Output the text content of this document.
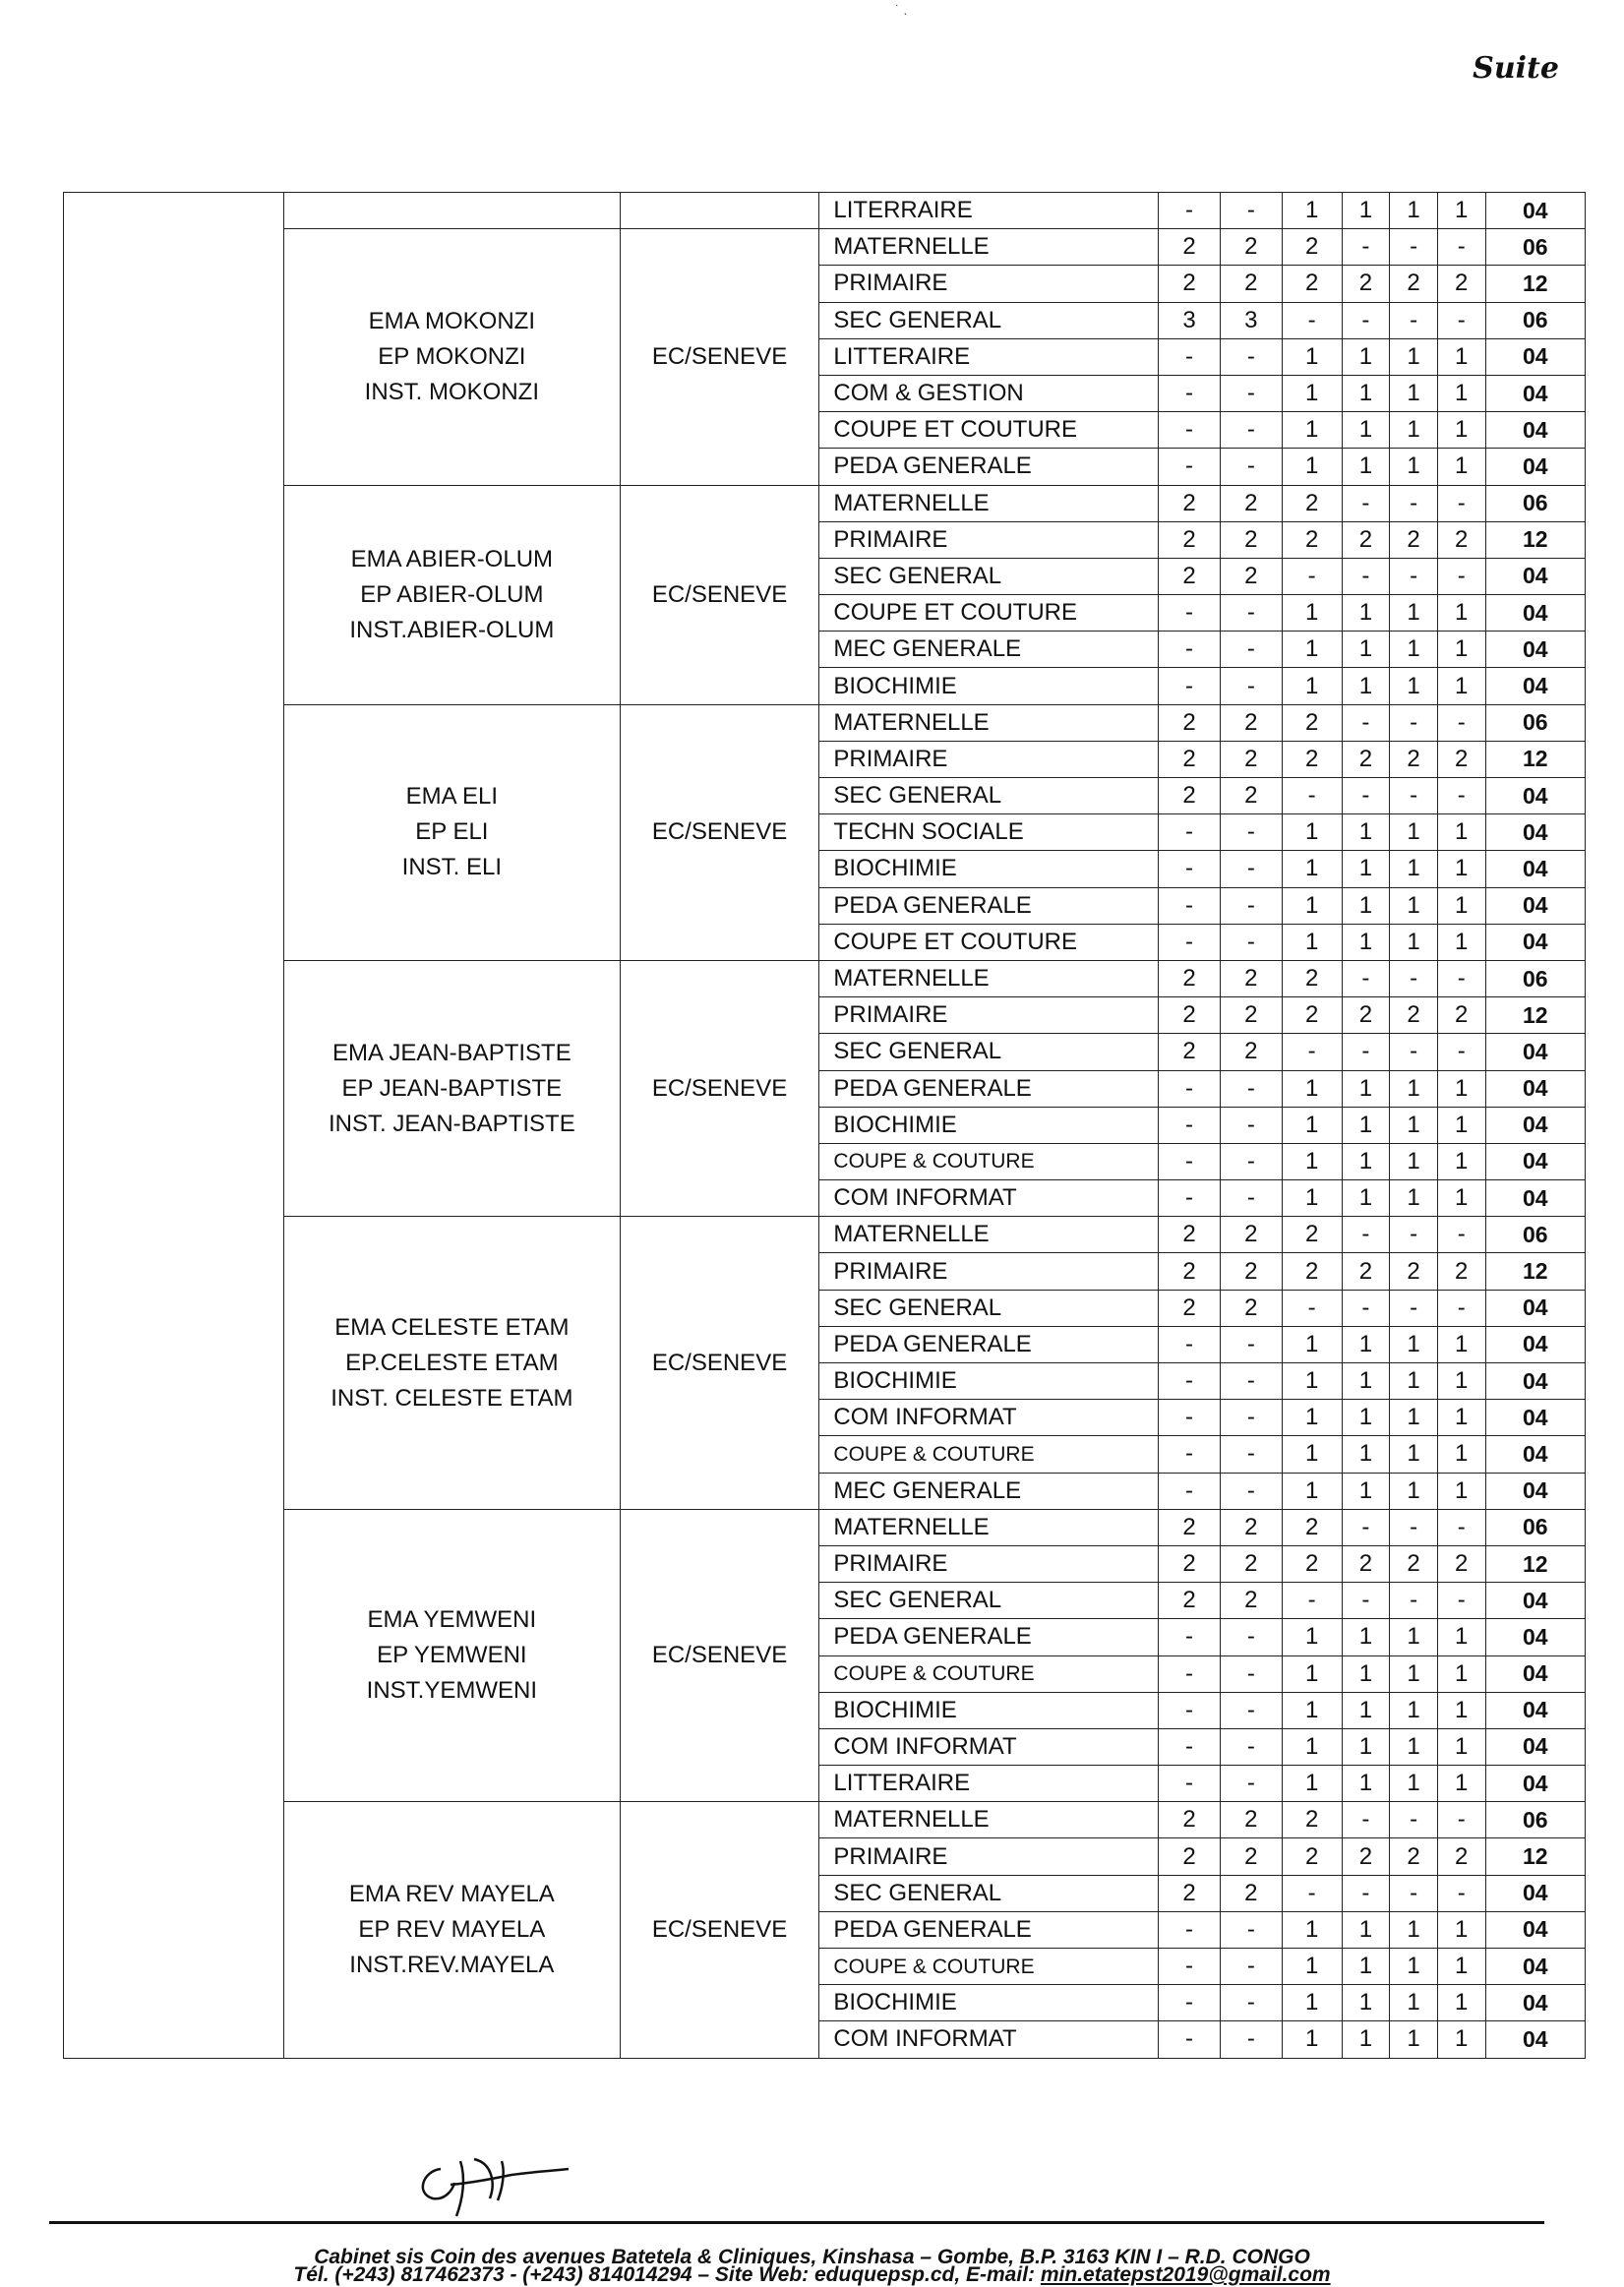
˙ .
Suite
			LITERRAIRE	-	-	1	1	1	1	04

	EMA MOKONZI
EP MOKONZI
INST. MOKONZI	EC/SENEVE	MATERNELLE	2	2	2	-	-	-	06
			PRIMAIRE	2	2	2	2	2	2	12
			SEC GENERAL	3	3	-	-	-	-	06
			LITTERAIRE	-	-	1	1	1	1	04
			COM & GESTION	-	-	1	1	1	1	04
			COUPE ET COUTURE	-	-	1	1	1	1	04
			PEDA GENERALE	-	-	1	1	1	1	04

	EMA ABIER-OLUM
EP ABIER-OLUM
INST.ABIER-OLUM	EC/SENEVE	MATERNELLE	2	2	2	-	-	-	06
			PRIMAIRE	2	2	2	2	2	2	12
			SEC GENERAL	2	2	-	-	-	-	04
			COUPE ET COUTURE	-	-	1	1	1	1	04
			MEC GENERALE	-	-	1	1	1	1	04
			BIOCHIMIE	-	-	1	1	1	1	04

	EMA ELI
EP ELI
INST. ELI	EC/SENEVE	MATERNELLE	2	2	2	-	-	-	06
			PRIMAIRE	2	2	2	2	2	2	12
			SEC GENERAL	2	2	-	-	-	-	04
			TECHN SOCIALE	-	-	1	1	1	1	04
			BIOCHIMIE	-	-	1	1	1	1	04
			PEDA GENERALE	-	-	1	1	1	1	04
			COUPE ET COUTURE	-	-	1	1	1	1	04

	EMA JEAN-BAPTISTE
EP JEAN-BAPTISTE
INST. JEAN-BAPTISTE	EC/SENEVE	MATERNELLE	2	2	2	-	-	-	06
			PRIMAIRE	2	2	2	2	2	2	12
			SEC GENERAL	2	2	-	-	-	-	04
			PEDA GENERALE	-	-	1	1	1	1	04
			BIOCHIMIE	-	-	1	1	1	1	04
			COUPE & COUTURE	-	-	1	1	1	1	04
			COM INFORMAT	-	-	1	1	1	1	04

	EMA CELESTE ETAM
EP.CELESTE ETAM
INST. CELESTE ETAM	EC/SENEVE	MATERNELLE	2	2	2	-	-	-	06
			PRIMAIRE	2	2	2	2	2	2	12
			SEC GENERAL	2	2	-	-	-	-	04
			PEDA GENERALE	-	-	1	1	1	1	04
			BIOCHIMIE	-	-	1	1	1	1	04
			COM INFORMAT	-	-	1	1	1	1	04
			COUPE & COUTURE	-	-	1	1	1	1	04
			MEC GENERALE	-	-	1	1	1	1	04

	EMA YEMWENI
EP YEMWENI
INST.YEMWENI	EC/SENEVE	MATERNELLE	2	2	2	-	-	-	06
			PRIMAIRE	2	2	2	2	2	2	12
			SEC GENERAL	2	2	-	-	-	-	04
			PEDA GENERALE	-	-	1	1	1	1	04
			COUPE & COUTURE	-	-	1	1	1	1	04
			BIOCHIMIE	-	-	1	1	1	1	04
			COM INFORMAT	-	-	1	1	1	1	04
			LITTERAIRE	-	-	1	1	1	1	04

	EMA REV MAYELA
EP REV MAYELA
INST.REV.MAYELA	EC/SENEVE	MATERNELLE	2	2	2	-	-	-	06
			PRIMAIRE	2	2	2	2	2	2	12
			SEC GENERAL	2	2	-	-	-	-	04
			PEDA GENERALE	-	-	1	1	1	1	04
			COUPE & COUTURE	-	-	1	1	1	1	04
			BIOCHIMIE	-	-	1	1	1	1	04
			COM INFORMAT	-	-	1	1	1	1	04
Cabinet sis Coin des avenues Batetela & Cliniques, Kinshasa – Gombe, B.P. 3163 KIN I – R.D. CONGO
Tél. (+243) 817462373 - (+243) 814014294 – Site Web: eduquepsp.cd, E-mail: min.etatepst2019@gmail.com
